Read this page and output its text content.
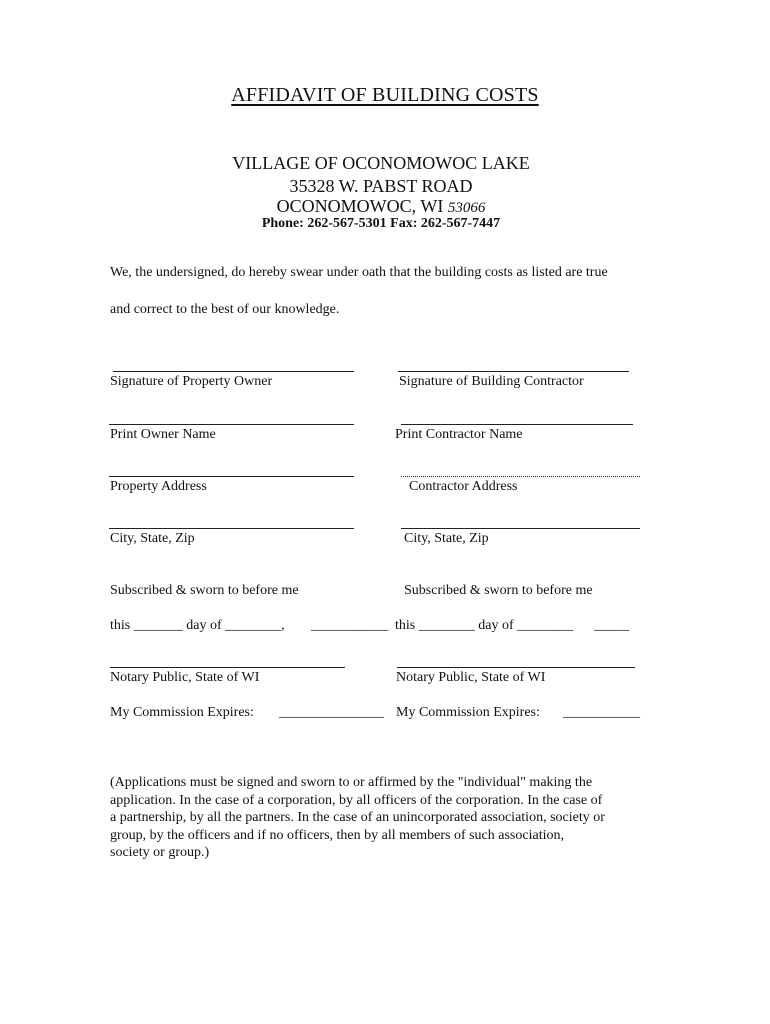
AFFIDAVIT OF BUILDING COSTS
VILLAGE OF OCONOMOWOC LAKE
35328 W. PABST ROAD
OCONOMOWOC, WI 53066
Phone: 262-567-5301 Fax: 262-567-7447
We, the undersigned, do hereby swear under oath that the building costs as listed are true
and correct to the best of our knowledge.
Signature of Property Owner	Signature of Building Contractor
Print Owner Name	Print Contractor Name
Property Address	Contractor Address
City, State, Zip	City, State, Zip
Subscribed & sworn to before me	Subscribed & sworn to before me
this _______ day of ________, ___________ this ________ day of ________ _____
Notary Public, State of WI	Notary Public, State of WI
My Commission Expires: _______________ My Commission Expires: ___________
(Applications must be signed and sworn to or affirmed by the "individual" making the
application. In the case of a corporation, by all officers of the corporation. In the case of
a partnership, by all the partners. In the case of an unincorporated association, society or
group, by the officers and if no officers, then by all members of such association,
society or group.)
